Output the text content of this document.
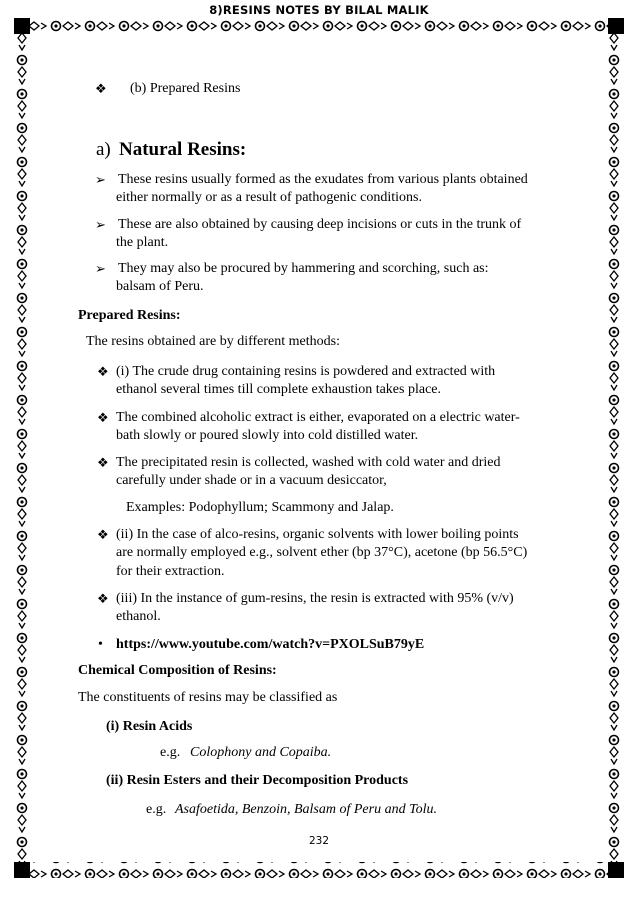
8)RESINS NOTES BY BILAL MALIK
❖ (b) Prepared Resins
a) Natural Resins:
➢ These resins usually formed as the exudates from various plants obtained
either normally or as a result of pathogenic conditions.
➢ These are also obtained by causing deep incisions or cuts in the trunk of
the plant.
➢ They may also be procured by hammering and scorching, such as:
balsam of Peru.
Prepared Resins:
The resins obtained are by different methods:
❖ (i) The crude drug containing resins is powdered and extracted with
ethanol several times till complete exhaustion takes place.
❖ The combined alcoholic extract is either, evaporated on a electric water-
bath slowly or poured slowly into cold distilled water.
❖ The precipitated resin is collected, washed with cold water and dried
carefully under shade or in a vacuum desiccator,
Examples: Podophyllum; Scammony and Jalap.
❖ (ii) In the case of alco-resins, organic solvents with lower boiling points
are normally employed e.g., solvent ether (bp 37°C), acetone (bp 56.5°C)
for their extraction.
❖ (iii) In the instance of gum-resins, the resin is extracted with 95% (v/v)
ethanol.
• https://www.youtube.com/watch?v=PXOLSuB79yE
Chemical Composition of Resins:
The constituents of resins may be classified as
(i) Resin Acids
e.g. Colophony and Copaiba.
(ii) Resin Esters and their Decomposition Products
e.g. Asafoetida, Benzoin, Balsam of Peru and Tolu.
232
